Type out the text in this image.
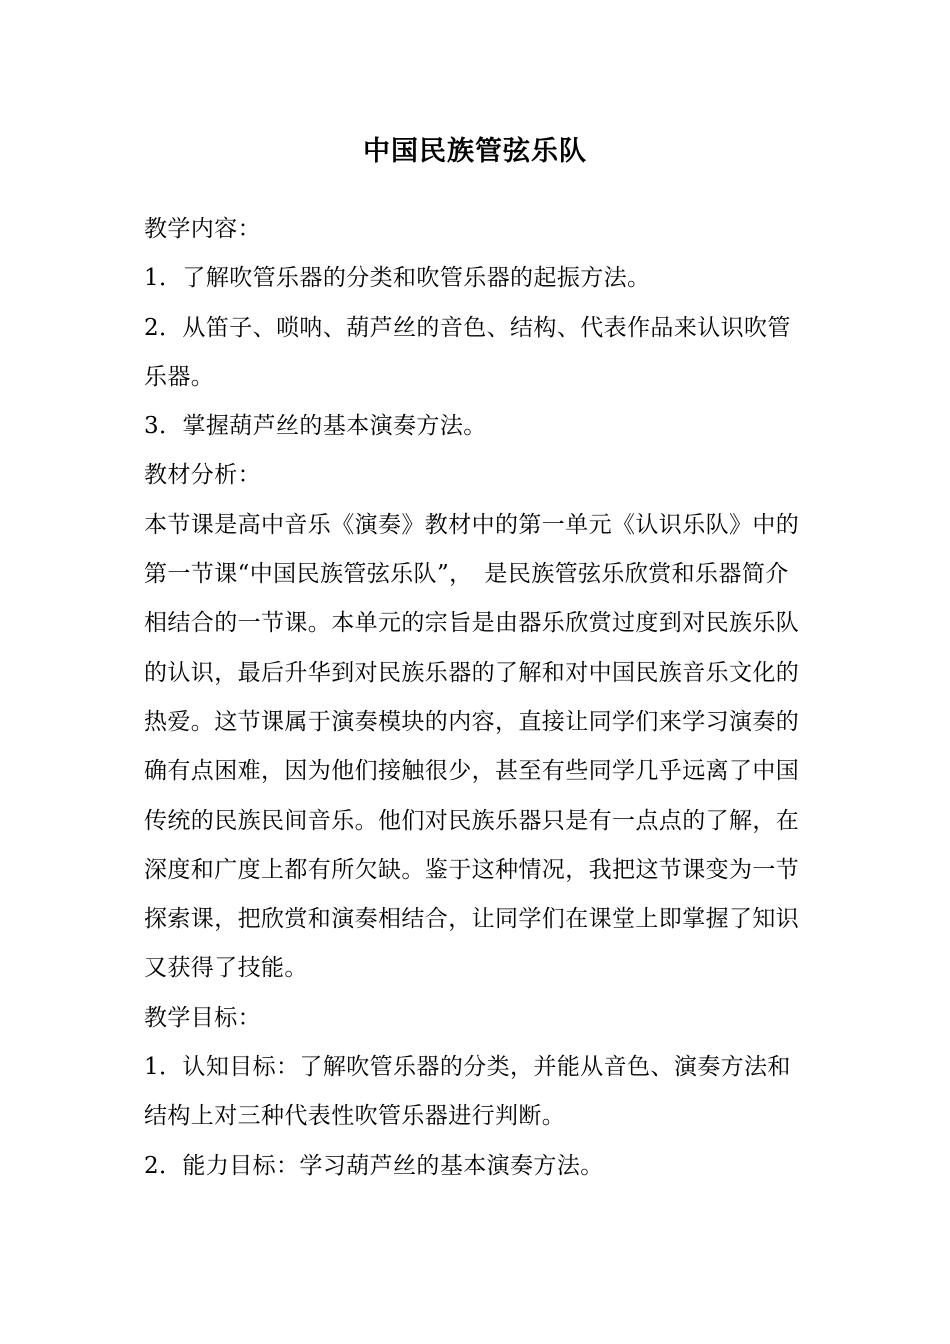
中国民族管弦乐队

教学内容：

1．了解吹管乐器的分类和吹管乐器的起振方法。

2．从笛子、唢呐、葫芦丝的音色、结构、代表作品来认识吹管乐器。

3．掌握葫芦丝的基本演奏方法。

教材分析：

本节课是高中音乐《演奏》教材中的第一单元《认识乐队》中的第一节课“中国民族管弦乐队”，　是民族管弦乐欣赏和乐器简介相结合的一节课。本单元的宗旨是由器乐欣赏过度到对民族乐队的认识，最后升华到对民族乐器的了解和对中国民族音乐文化的热爱。这节课属于演奏模块的内容，直接让同学们来学习演奏的确有点困难，因为他们接触很少，甚至有些同学几乎远离了中国传统的民族民间音乐。他们对民族乐器只是有一点点的了解，在深度和广度上都有所欠缺。鉴于这种情况，我把这节课变为一节探索课，把欣赏和演奏相结合，让同学们在课堂上即掌握了知识又获得了技能。

教学目标：

1．认知目标：了解吹管乐器的分类，并能从音色、演奏方法和结构上对三种代表性吹管乐器进行判断。

2．能力目标：学习葫芦丝的基本演奏方法。
